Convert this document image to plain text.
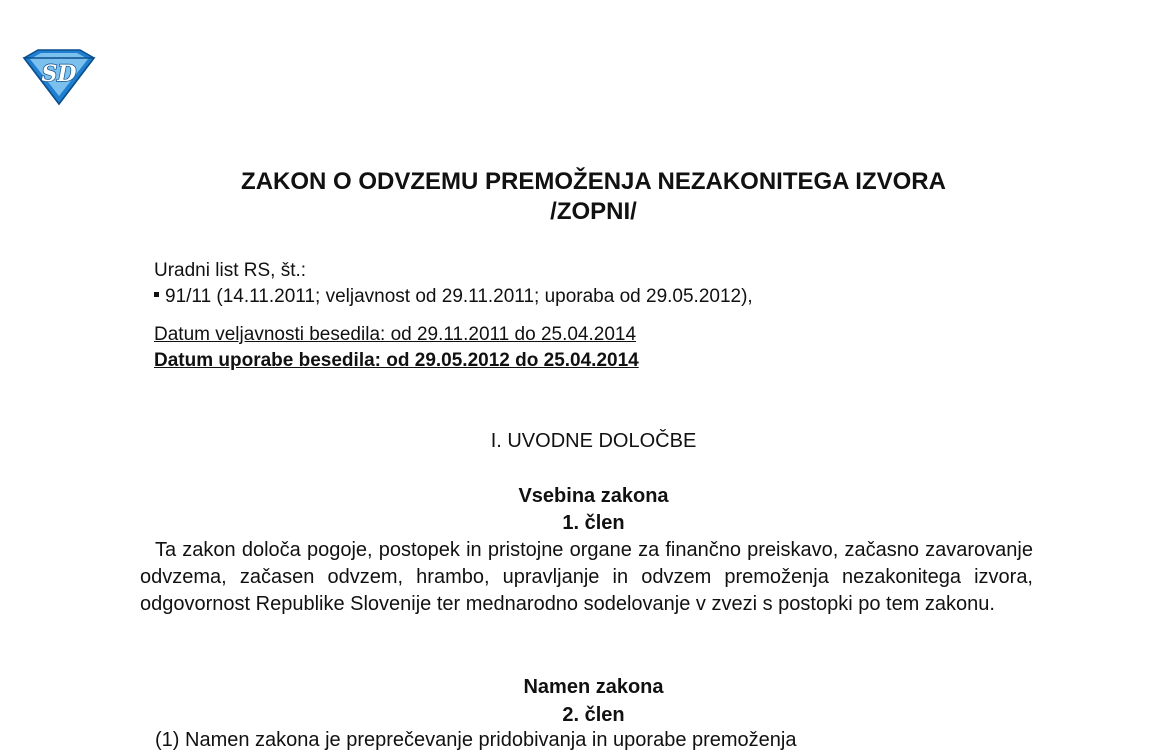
SD
ZAKON O ODVZEMU PREMOŽENJA NEZAKONITEGA IZVORA
/ZOPNI/
Uradni list RS, št.:
91/11 (14.11.2011; veljavnost od 29.11.2011; uporaba od 29.05.2012),
Datum veljavnosti besedila: od 29.11.2011 do 25.04.2014
Datum uporabe besedila: od 29.05.2012 do 25.04.2014
I. UVODNE DOLOČBE
Vsebina zakona
1. člen

Ta zakon določa pogoje, postopek in pristojne organe za finančno preiskavo, začasno zavarovanje odvzema, začasen odvzem, hrambo, upravljanje in odvzem premoženja nezakonitega izvora, odgovornost Republike Slovenije ter mednarodno sodelovanje v zvezi s postopki po tem zakonu.

Namen zakona
2. člen

(1) Namen zakona je preprečevanje pridobivanja in uporabe premoženja
